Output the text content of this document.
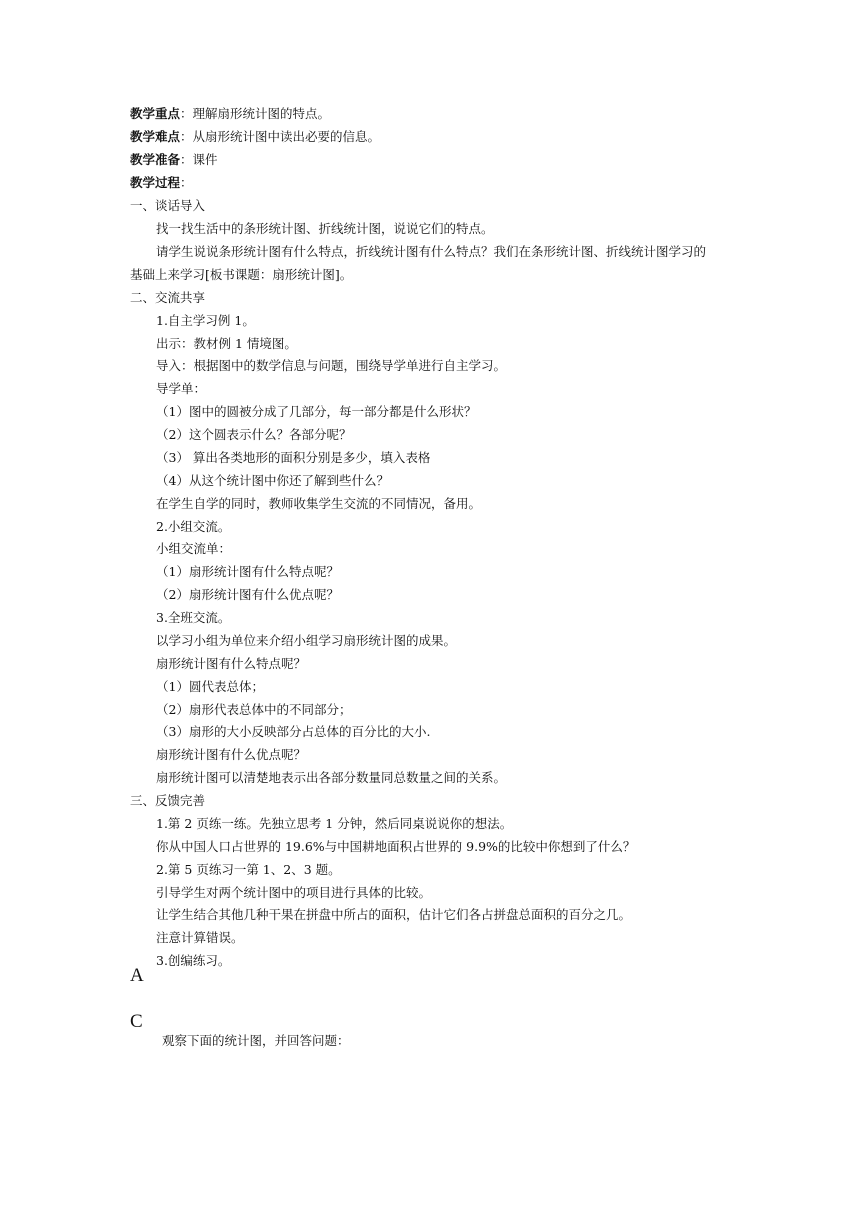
教学重点：理解扇形统计图的特点。
教学难点：从扇形统计图中读出必要的信息。
教学准备：课件
教学过程：
一、谈话导入
找一找生活中的条形统计图、折线统计图，说说它们的特点。
请学生说说条形统计图有什么特点，折线统计图有什么特点？我们在条形统计图、折线统计图学习的
基础上来学习[板书课题：扇形统计图]。
二、交流共享
1.自主学习例 1。
出示：教材例 1 情境图。
导入：根据图中的数学信息与问题，围绕导学单进行自主学习。
导学单：
（1）图中的圆被分成了几部分，每一部分都是什么形状？
（2）这个圆表示什么？各部分呢？
（3） 算出各类地形的面积分别是多少，填入表格
（4）从这个统计图中你还了解到些什么？
在学生自学的同时，教师收集学生交流的不同情况，备用。
2.小组交流。
小组交流单：
（1）扇形统计图有什么特点呢？
（2）扇形统计图有什么优点呢？
3.全班交流。
以学习小组为单位来介绍小组学习扇形统计图的成果。
扇形统计图有什么特点呢？
（1）圆代表总体；
（2）扇形代表总体中的不同部分；
（3）扇形的大小反映部分占总体的百分比的大小.
扇形统计图有什么优点呢？
扇形统计图可以清楚地表示出各部分数量同总数量之间的关系。
三、反馈完善
1.第 2 页练一练。先独立思考 1 分钟，然后同桌说说你的想法。
你从中国人口占世界的 19.6%与中国耕地面积占世界的 9.9%的比较中你想到了什么？
2.第 5 页练习一第 1、2、3 题。
引导学生对两个统计图中的项目进行具体的比较。
让学生结合其他几种干果在拼盘中所占的面积，估计它们各占拼盘总面积的百分之几。
注意计算错误。
3.创编练习。
A
C
观察下面的统计图，并回答问题：
